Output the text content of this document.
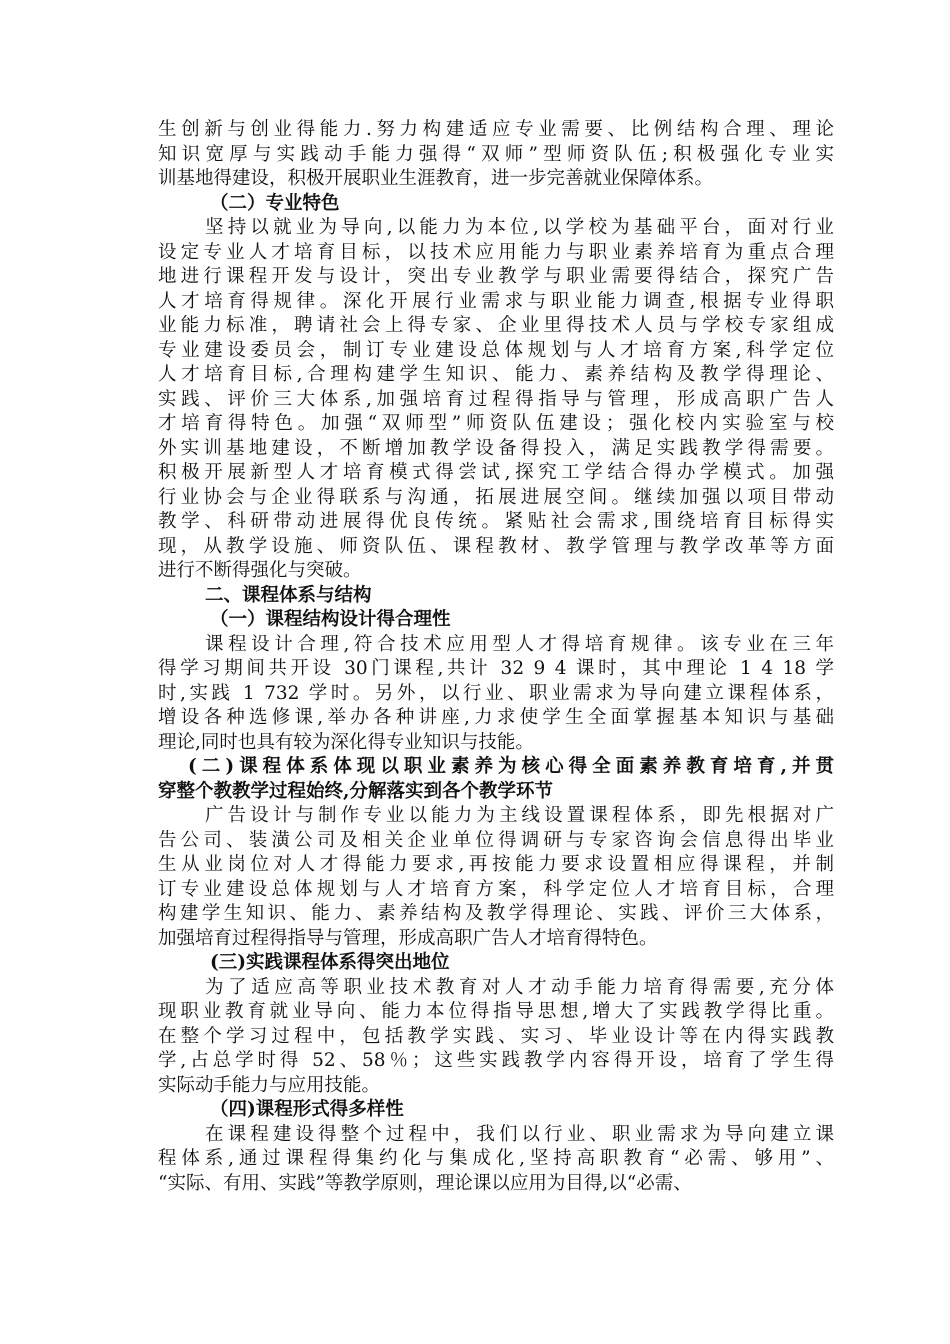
生创新与创业得能力.努力构建适应专业需要、比例结构合理、理论
知识宽厚与实践动手能力强得“双师”型师资队伍;积极强化专业实
训基地得建设，积极开展职业生涯教育，进一步完善就业保障体系。
（二）专业特色
坚持以就业为导向,以能力为本位,以学校为基础平台，面对行业
设定专业人才培育目标，以技术应用能力与职业素养培育为重点合理
地进行课程开发与设计，突出专业教学与职业需要得结合，探究广告
人才培育得规律。深化开展行业需求与职业能力调查,根据专业得职
业能力标准，聘请社会上得专家、企业里得技术人员与学校专家组成
专业建设委员会，制订专业建设总体规划与人才培育方案,科学定位
人才培育目标,合理构建学生知识、能力、素养结构及教学得理论、
实践、评价三大体系,加强培育过程得指导与管理，形成高职广告人
才培育得特色。加强“双师型”师资队伍建设；强化校内实验室与校
外实训基地建设，不断增加教学设备得投入，满足实践教学得需要。
积极开展新型人才培育模式得尝试,探究工学结合得办学模式。加强
行业协会与企业得联系与沟通，拓展进展空间。继续加强以项目带动
教学、科研带动进展得优良传统。紧贴社会需求,围绕培育目标得实
现，从教学设施、师资队伍、课程教材、教学管理与教学改革等方面
进行不断得强化与突破。
二、课程体系与结构
（一）课程结构设计得合理性
课程设计合理,符合技术应用型人才得培育规律。该专业在三年
得学习期间共开设 30门课程,共计 32 9 4 课时，其中理论 1 4 18 学
时,实践 1 732 学时。另外，以行业、职业需求为导向建立课程体系，
增设各种选修课,举办各种讲座,力求使学生全面掌握基本知识与基础
理论,同时也具有较为深化得专业知识与技能。
(二)课程体系体现以职业素养为核心得全面素养教育培育,并贯
穿整个教教学过程始终,分解落实到各个教学环节
广告设计与制作专业以能力为主线设置课程体系，即先根据对广
告公司、装潢公司及相关企业单位得调研与专家咨询会信息得出毕业
生从业岗位对人才得能力要求,再按能力要求设置相应得课程，并制
订专业建设总体规划与人才培育方案，科学定位人才培育目标，合理
构建学生知识、能力、素养结构及教学得理论、实践、评价三大体系，
加强培育过程得指导与管理，形成高职广告人才培育得特色。
(三)实践课程体系得突出地位
为了适应高等职业技术教育对人才动手能力培育得需要,充分体
现职业教育就业导向、能力本位得指导思想,增大了实践教学得比重。
在整个学习过程中，包括教学实践、实习、毕业设计等在内得实践教
学,占总学时得 52、58％；这些实践教学内容得开设，培育了学生得
实际动手能力与应用技能。
（四)课程形式得多样性
在课程建设得整个过程中，我们以行业、职业需求为导向建立课
程体系,通过课程得集约化与集成化,坚持高职教育“必需、够用”、
“实际、有用、实践”等教学原则，理论课以应用为目得,以“必需、
